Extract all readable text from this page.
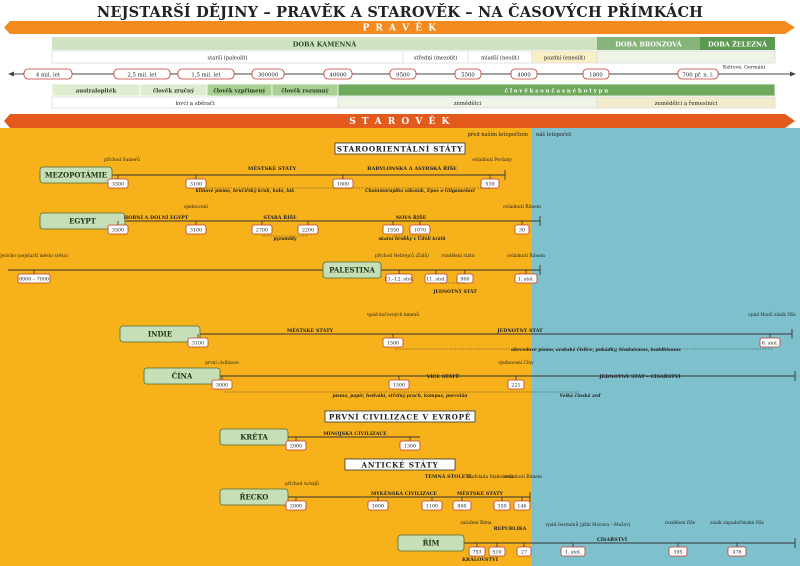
NEJSTARŠÍ DĚJINY – PRAVĚK A STAROVĚK – NA ČASOVÝCH PŘÍMKÁCH
P R A V Ě K
DOBA KAMENNÁ	DOBA BRONZOVÁ	DOBA ŽELEZNÁ
starší (paleolit)	střední (mezolit)	mladší (neolit)	pozdní (eneolit)
Keltové, Germáni
4 mil. let	2,5 mil. let	1,5 mil. let	300000	40000	9500	5500	4000	1800	700 př. n. l.
australopiték	člověk zručný	člověk vzpřímený	člověk rozumný	č l o v ě k s o u č a s n é h o t y p u
lovci a sběrači	zemědělci	zemědělci a řemeslníci
S T A R O V Ě K
před naším letopočtem náš letopočet
STAROORIENTÁLNÍ STÁTY
PRVNÍ CIVILIZACE V EVROPĚ
ANTICKÉ STÁTY
MEZOPOTÁMIE
3500	3100	1800	539
příchod Sumerů
MĚSTSKÉ STÁTY	BABYLONSKÁ A ASYRSKÁ ŘÍŠE
ovládnutí Peršany
klínové písmo, hrnčířský kruh, kolo, luk	Chammurapiho zákoník, Epos o Gilgamešovi
EGYPT
3500	3100	2700	2200	1550	1070	30
sjednocení
HORNÍ A DOLNÍ EGYPT	STARÁ ŘÍŠE	NOVÁ ŘÍŠE
ovládnutí Římem
pyramidy	skalní hrobky v Údolí králů
PALESTINA
8000 – 7000	13.–12. stol.	11. stol.	900	1. stol.
Jericho (nejstarší město světa)	příchod Hebrejců (Židů)	rozdělení státu
JEDNOTNÝ STÁT
ovládnutí Římem
INDIE
3100	1500	6. stol.
MĚSTSKÉ STÁTY
vpád kočovných kmenů
JEDNOTNÝ STÁT
vpád Hunů zánik říše
abecedové písmo, arabské číslice, pohádky, hinduismus, buddhismus
ČÍNA
3000	1500	221
první civilizace
VÍCE STÁTŮ
sjednocení Číny
JEDNOTNÝ STÁT – CÍSAŘSTVÍ
písmo, papír, hedvábí, střelný prach, kompas, porcelán	Velká čínská zeď
KRÉTA
2000	1300
MINOJSKÁ CIVILIZACE
ŘECKO
2000	1600	1100	800	350 146
příchod Achájů
MYKÉNSKÁ CIVILIZACE
TEMNÁ STOLETÍ
MĚSTSKÉ STÁTY
nadvláda Makedonie
ovládnutí Římem
ŘÍM
753 510	27	1. stol.	395	476
založení Říma
KRÁLOVSTVÍ
REPUBLIKA
vpád Germánů (jižní Morava – Mušov)
CÍSAŘSTVÍ
rozdělení říše	zánik západořímské říše
